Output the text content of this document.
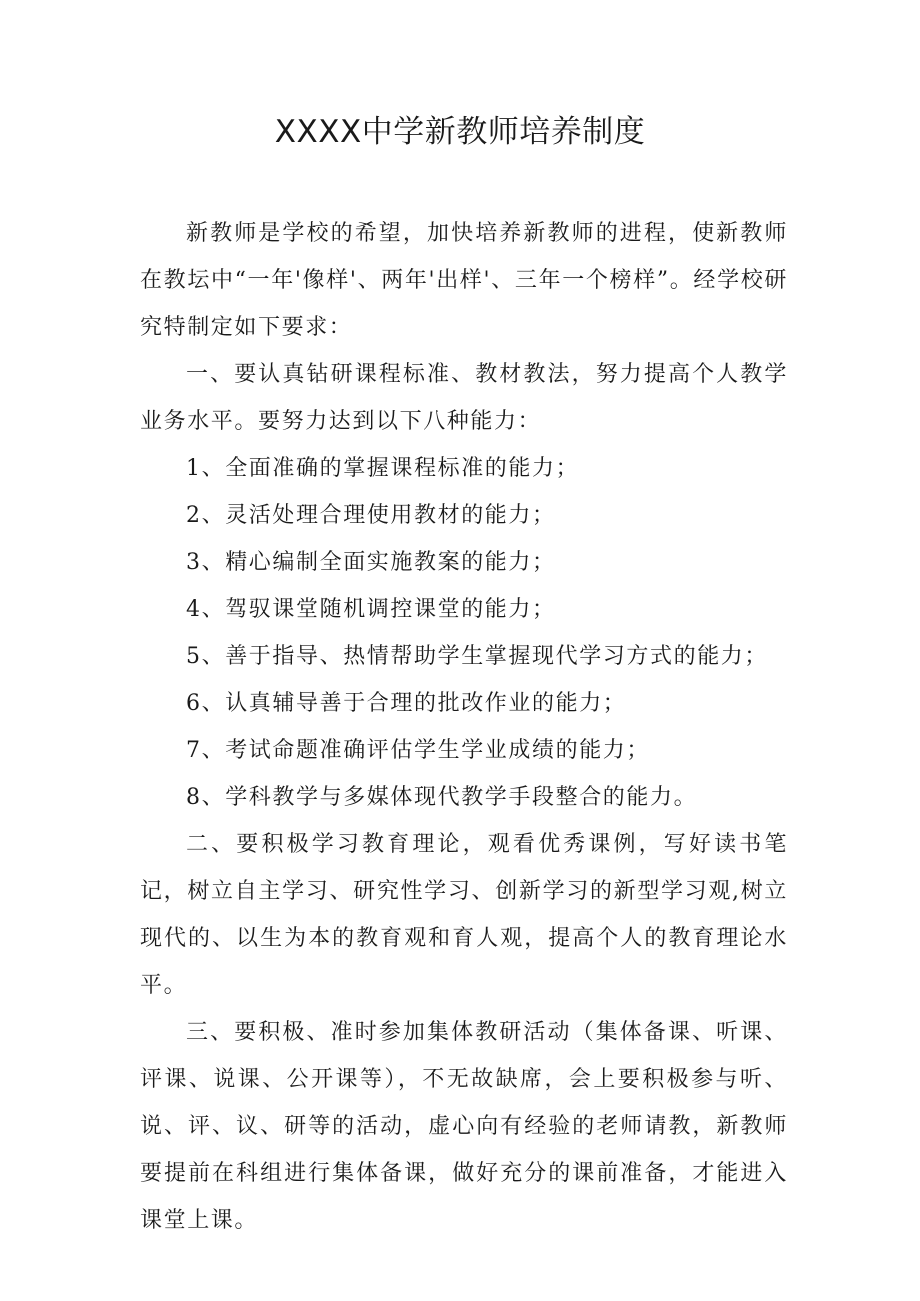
XXXX中学新教师培养制度

新教师是学校的希望，加快培养新教师的进程，使新教师在教坛中“一年'像样'、两年'出样'、三年一个榜样”。经学校研究特制定如下要求：

一、要认真钻研课程标准、教材教法，努力提高个人教学业务水平。要努力达到以下八种能力：

1、全面准确的掌握课程标准的能力；

2、灵活处理合理使用教材的能力；

3、精心编制全面实施教案的能力；

4、驾驭课堂随机调控课堂的能力；

5、善于指导、热情帮助学生掌握现代学习方式的能力；

6、认真辅导善于合理的批改作业的能力；

7、考试命题准确评估学生学业成绩的能力；

8、学科教学与多媒体现代教学手段整合的能力。

二、要积极学习教育理论，观看优秀课例，写好读书笔记，树立自主学习、研究性学习、创新学习的新型学习观,树立现代的、以生为本的教育观和育人观，提高个人的教育理论水平。

三、要积极、准时参加集体教研活动（集体备课、听课、评课、说课、公开课等），不无故缺席，会上要积极参与听、说、评、议、研等的活动，虚心向有经验的老师请教，新教师要提前在科组进行集体备课，做好充分的课前准备，才能进入课堂上课。
